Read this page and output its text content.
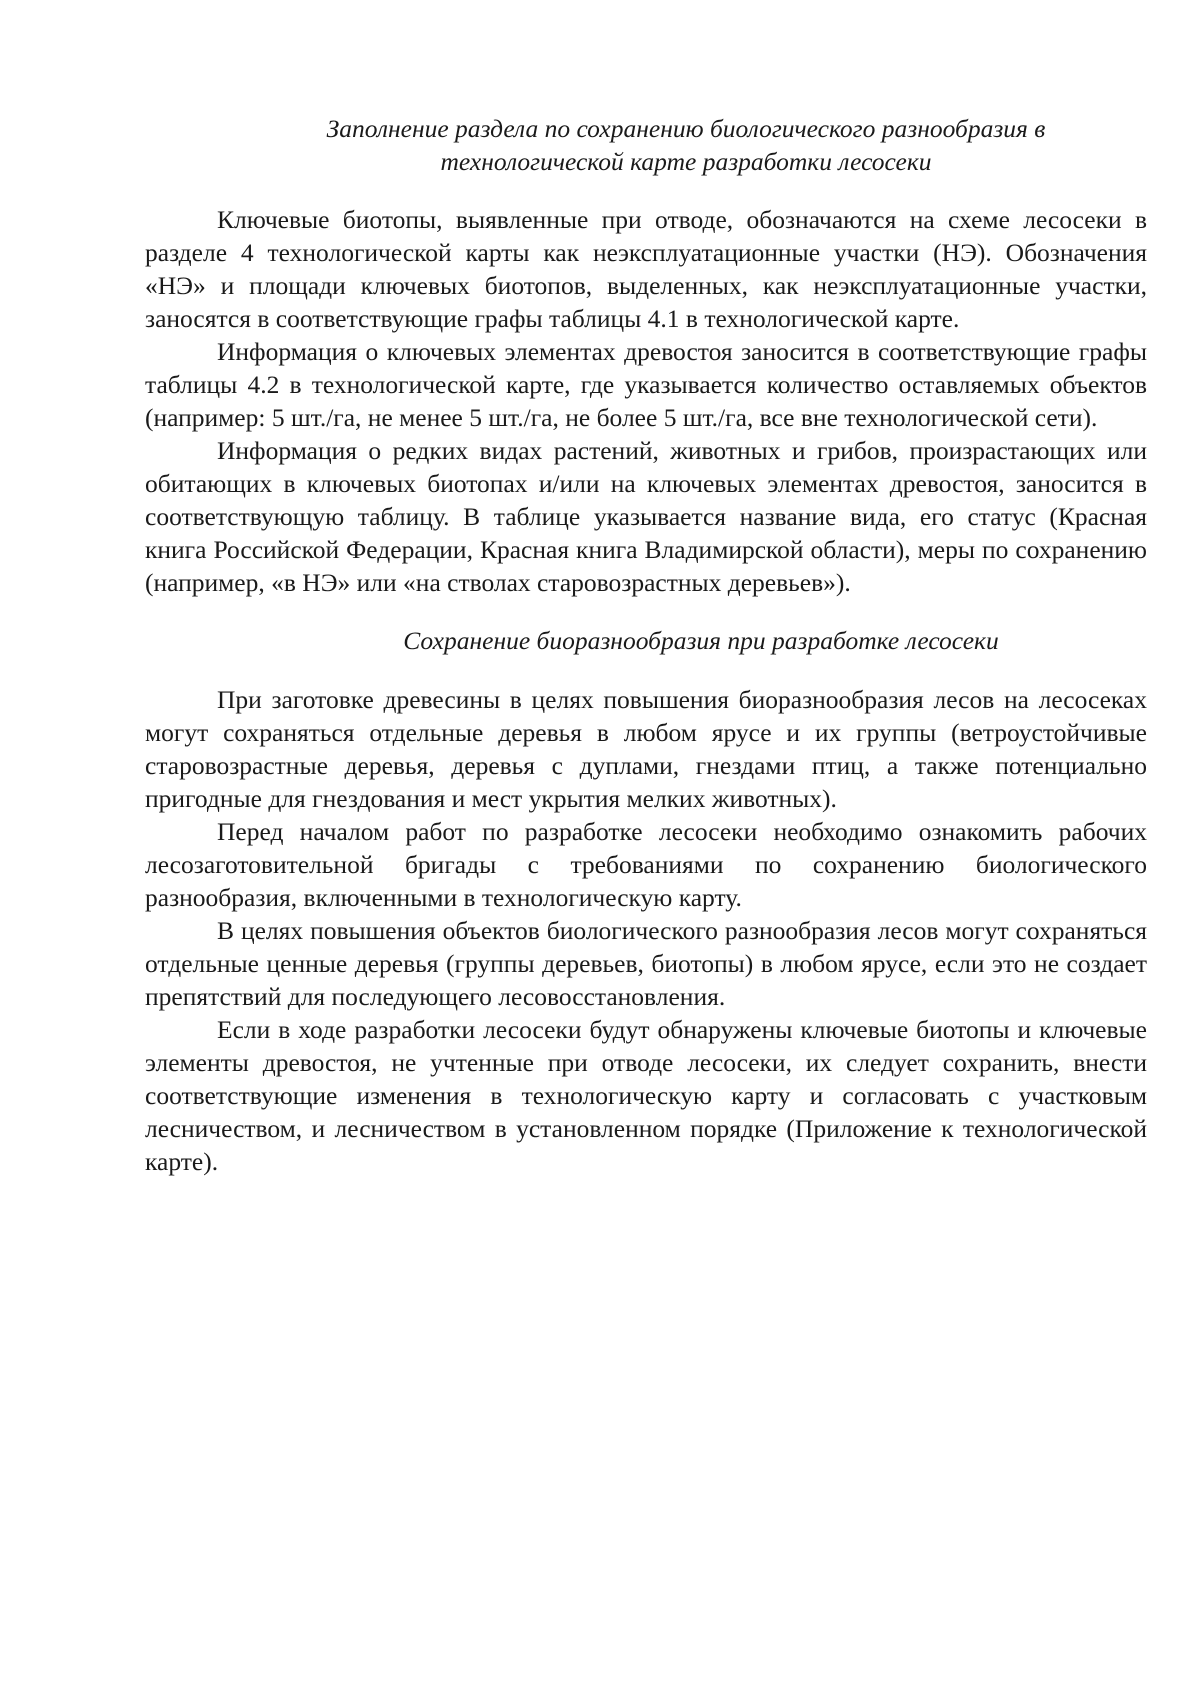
Заполнение раздела по сохранению биологического разнообразия в технологической карте разработки лесосеки

Ключевые биотопы, выявленные при отводе, обозначаются на схеме лесосеки в разделе 4 технологической карты как неэксплуатационные участки (НЭ). Обозначения «НЭ» и площади ключевых биотопов, выделенных, как неэксплуатационные участки, заносятся в соответствующие графы таблицы 4.1 в технологической карте.

Информация о ключевых элементах древостоя заносится в соответствующие графы таблицы 4.2 в технологической карте, где указывается количество оставляемых объектов (например: 5 шт./га, не менее 5 шт./га, не более 5 шт./га, все вне технологической сети).

Информация о редких видах растений, животных и грибов, произрастающих или обитающих в ключевых биотопах и/или на ключевых элементах древостоя, заносится в соответствующую таблицу. В таблице указывается название вида, его статус (Красная книга Российской Федерации, Красная книга Владимирской области), меры по сохранению (например, «в НЭ» или «на стволах старовозрастных деревьев»).

Сохранение биоразнообразия при разработке лесосеки

При заготовке древесины в целях повышения биоразнообразия лесов на лесосеках могут сохраняться отдельные деревья в любом ярусе и их группы (ветроустойчивые старовозрастные деревья, деревья с дуплами, гнездами птиц, а также потенциально пригодные для гнездования и мест укрытия мелких животных).

Перед началом работ по разработке лесосеки необходимо ознакомить рабочих лесозаготовительной бригады с требованиями по сохранению биологического разнообразия, включенными в технологическую карту.

В целях повышения объектов биологического разнообразия лесов могут сохраняться отдельные ценные деревья (группы деревьев, биотопы) в любом ярусе, если это не создает препятствий для последующего лесовосстановления.

Если в ходе разработки лесосеки будут обнаружены ключевые биотопы и ключевые элементы древостоя, не учтенные при отводе лесосеки, их следует сохранить, внести соответствующие изменения в технологическую карту и согласовать с участковым лесничеством, и лесничеством в установленном порядке (Приложение к технологической карте).
